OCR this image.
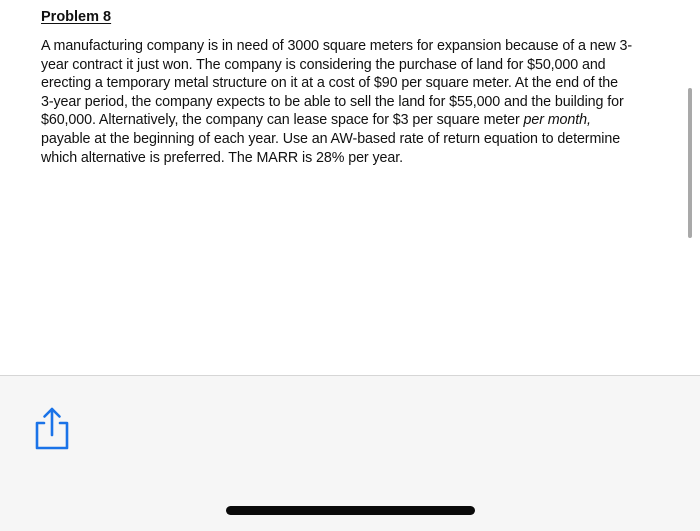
Problem 8

A manufacturing company is in need of 3000 square meters for expansion because of a new 3-
year contract it just won. The company is considering the purchase of land for $50,000 and
erecting a temporary metal structure on it at a cost of $90 per square meter. At the end of the
3-year period, the company expects to be able to sell the land for $55,000 and the building for
$60,000. Alternatively, the company can lease space for $3 per square meter per month,
payable at the beginning of each year. Use an AW-based rate of return equation to determine
which alternative is preferred. The MARR is 28% per year.
